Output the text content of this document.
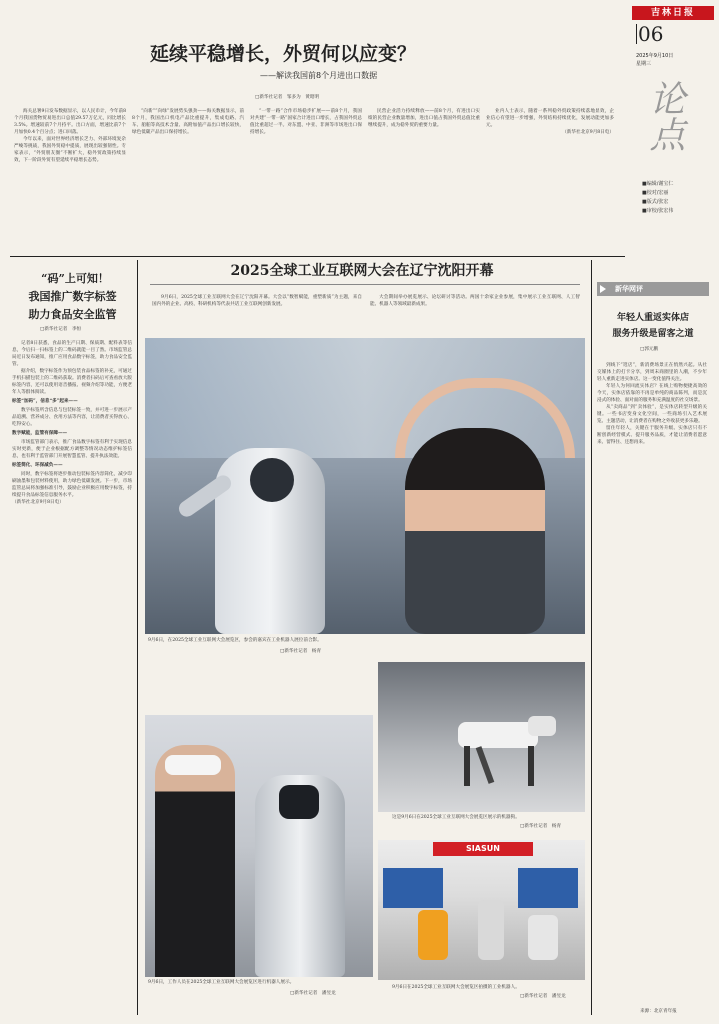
吉林日报
06
2025年9月10日
星期三
论点
■编辑/谢宝仁
■校对/宏丽
■版式/张宏
■审校/张宏伟
延续平稳增长，外贸何以应变？
——解读我国前8个月进出口数据
□新华社记者　邹多为　黄昭明

海关总署9日发布数据显示，以人民币计，今年前8个月我国货物贸易进出口总值29.57万亿元，同比增长3.5%。增速较前7个月持平。出口方面，增速比前7个月加快0.4个百分点；进口回落。

今年以来，面对世界经济增长乏力、外部环境复杂严峻等挑战，我国外贸稳中提质，展现出较强韧性。专家表示，“外贸朋友圈”不断扩大，稳外贸政策持续显效，下一阶段外贸有望延续平稳增长态势。

“向新”“向绿”发展势头强劲——海关数据显示，前8个月，我国出口机电产品比重提升，集成电路、汽车、船舶等高技术含量、高附加值产品出口增长较快，绿色低碳产品出口保持增长。

“一带一路”合作市场稳步扩展——前8个月，我国对共建“一带一路”国家合计进出口增长，占我国外贸总值比重超过一半。对东盟、中亚、非洲等市场进出口保持增长。

民营企业活力持续释放——前8个月，有进出口实绩的民营企业数量增加，进出口值占我国外贸总值比重继续提升，成为稳外贸的重要力量。

业内人士表示，随着一系列稳外贸政策持续落地显效，企业信心有望进一步增强，外贸结构持续优化，发展动能更加多元。

（新华社北京9月8日电）

“码”上可知！
我国推广数字标签
助力食品安全监管
□新华社记者　李恒

记者8日获悉，食品的生产日期、保质期、配料表等信息，今后扫一扫标签上的二维码就能一目了然。市场监管总局近日发布通知，推广应用食品数字标签，助力食品安全监管。

据介绍，数字标签作为预包装食品标签的补充，可通过手机扫描包装上的二维码获取。消费者扫码后可查看放大版标签内容，还可以使用语音播报、视频介绍等功能，方便老年人等群体阅读。

标签“加码”，信息“多”起来——

数字标签所含信息与包装标签一致，并可进一步展示产品追溯、营养成分、食用方法等内容，让消费者买得放心、吃得安心。

数字赋能，监管有保障——

市场监管部门表示，推广食品数字标签有利于实现信息实时更新，便于企业根据配方调整等情况动态维护标签信息，也有利于监管部门开展智慧监管、提升执法效能。

标签简化、环保减负——

同时，数字标签将逐步推动包装标签内容简化，减少印刷油墨和包装材料使用，助力绿色低碳发展。下一步，市场监管总局将加强标准引导，鼓励企业积极应用数字标签，持续提升食品标签信息服务水平。

（新华社北京9月8日电）

2025全球工业互联网大会在辽宁沈阳开幕

9月6日，2025全球工业互联网大会在辽宁沈阳开幕。大会以“数智赋能，重塑新质”为主题，来自国内外的企业、高校、科研机构等代表共话工业互联网创新发展。

大会期间举办展览展示、论坛研讨等活动。两国十余家企业参展，集中展示工业互联网、人工智能、机器人等领域最新成果。

9月6日，在2025全球工业互联网大会展览区，参会的嘉宾在工业机器人展位前合影。
□新华社记者　杨青
这是9月6日在2025全球工业互联网大会展览区展示的机器狗。
□新华社记者　杨青
9月6日，工作人员在2025全球工业互联网大会展览区进行机器人展示。
□新华社记者　潘昱龙
SIASUN
9月6日在2025全球工业互联网大会展览区拍摄的工业机器人。
□新华社记者　潘昱龙
新华网评
年轻人重返实体店
服务升级是留客之道
□郭元鹏

到线下“逛店”，新消费场景正在悄然兴起。从社交媒体上的打卡分享，到周末商圈里的人潮，不少年轻人重新走进实体店。这一变化值得关注。

年轻人为何回流实体店？在线上购物便捷高效的今天，实体店依靠的不再是单纯的商品陈列，而是沉浸式的体验、面对面的服务和充满温度的社交场景。

从“卖商品”到“卖体验”，是实体店转型升级的关键。一些书店变身文化空间，一些商场引入艺术展览、主题活动，让消费者在购物之外收获更多乐趣。

留住年轻人，关键在于服务升级。实体店只有不断创新经营模式、提升服务品质，才能让消费者愿意来、留得住、还想再来。

来源：北京青年报
